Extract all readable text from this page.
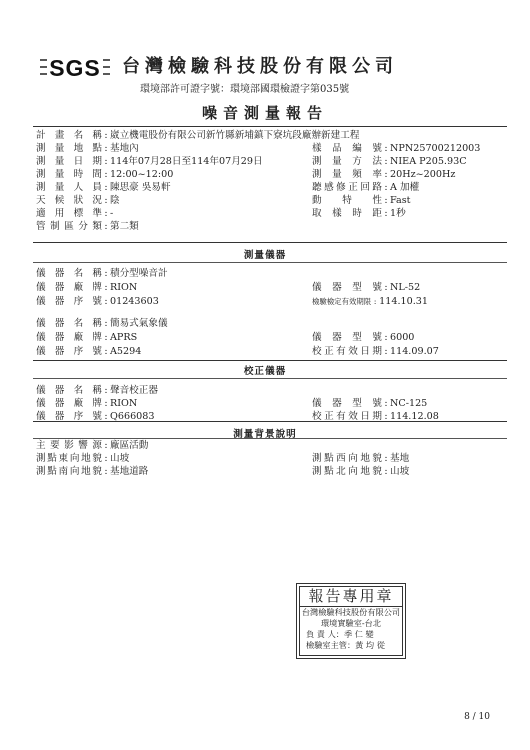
SGS 台灣檢驗科技股份有限公司
環境部許可證字號：環境部國環檢證字第035號
噪音測量報告
計 畫 名 稱 : 崴立機電股份有限公司新竹縣新埔鎮下寮坑段廠辦新建工程
測 量 地 點 : 基地內
測 量 日 期 : 114年07月28日至114年07月29日
測 量 時 間 : 12:00~12:00
測 量 人 員 : 陳思豪 吳易軒
天 候 狀 況 : 陰
適 用 標 準 : -
管 制 區 分 類 : 第二類
樣 品 編 號 : NPN25700212003
測 量 方 法 : NIEA P205.93C
測 量 頻 率 : 20Hz~200Hz
聽感修正回路 : A 加權
動 特 性 : Fast
取 樣 時 距 : 1秒
測量儀器
儀 器 名 稱 : 積分型噪音計
儀 器 廠 牌 : RION
儀 器 序 號 : 01243603
儀 器 型 號 : NL-52
檢驗檢定有效期限 : 114.10.31
儀 器 名 稱 : 簡易式氣象儀
儀 器 廠 牌 : APRS
儀 器 序 號 : A5294
儀 器 型 號 : 6000
校正有效日期 : 114.09.07
校正儀器
儀 器 名 稱 : 聲音校正器
儀 器 廠 牌 : RION
儀 器 序 號 : Q666083
儀 器 型 號 : NC-125
校正有效日期 : 114.12.08
測量背景說明
主 要 影 響 源 : 廠區活動
測點東向地貌 : 山坡
測點南向地貌 : 基地道路
測點西向地貌 : 基地
測點北向地貌 : 山坡
報告專用章
台灣檢驗科技股份有限公司
環境實驗室-台北
負 責 人：季 仁 變
檢驗室主管：黃 均 從
8 / 10
